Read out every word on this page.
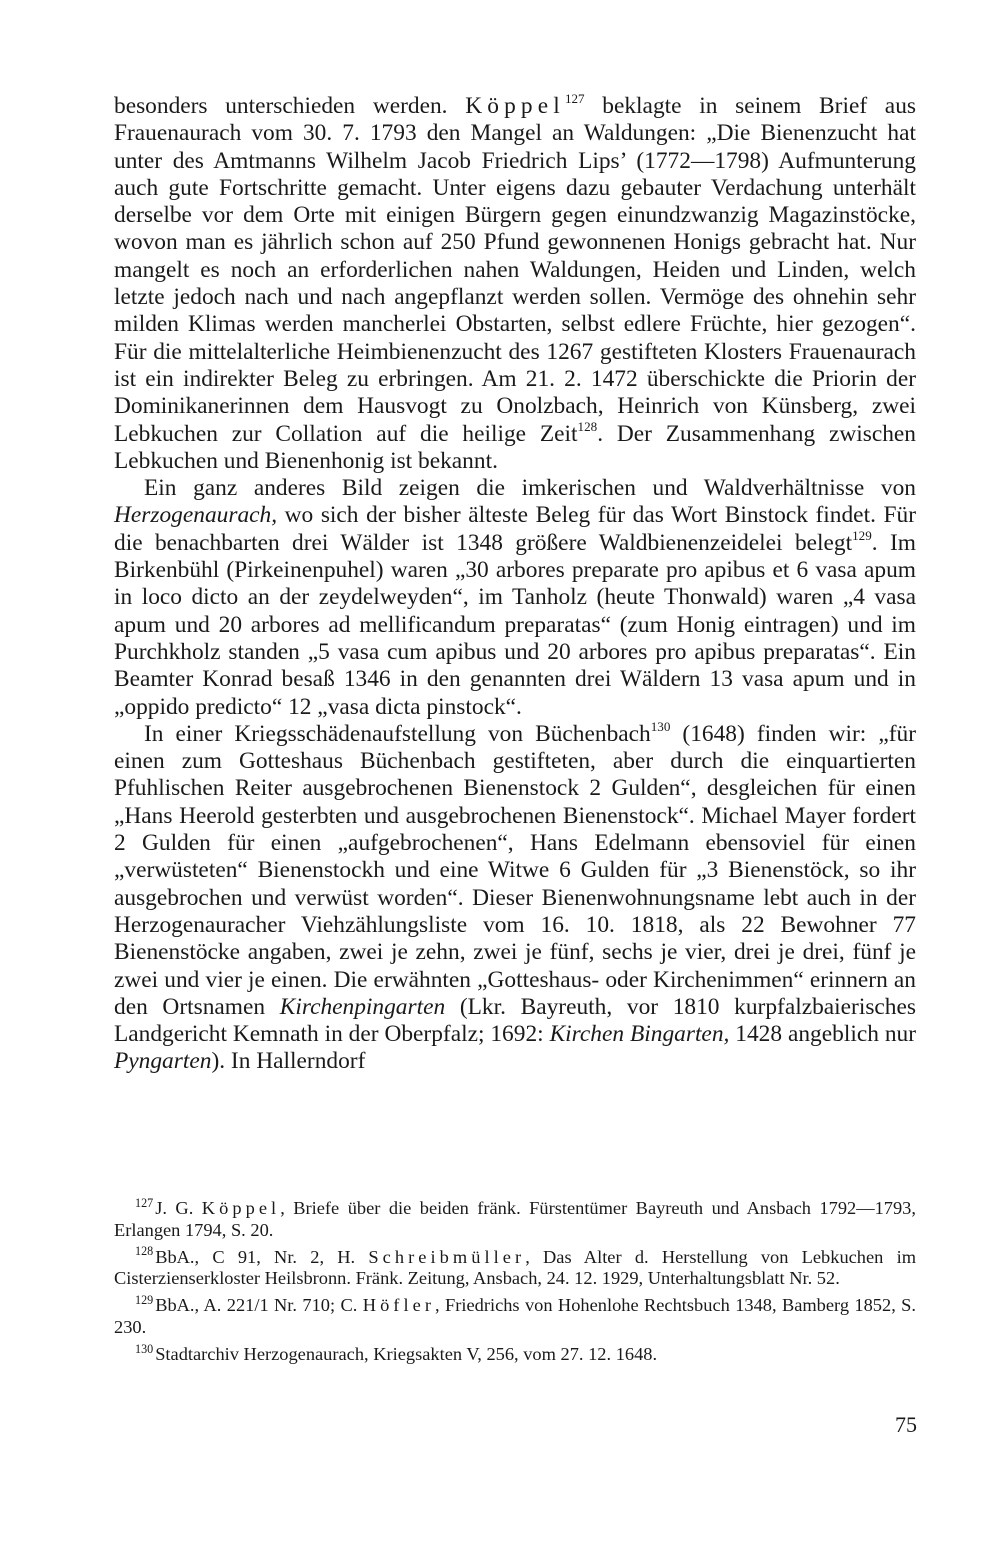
besonders unterschieden werden. Köppel$^{127}$ beklagte in seinem Brief aus Frauenaurach vom 30. 7. 1793 den Mangel an Waldungen: „Die Bienenzucht hat unter des Amtmanns Wilhelm Jacob Friedrich Lips’ (1772—1798) Aufmunterung auch gute Fortschritte gemacht. Unter eigens dazu gebauter Verdachung unterhält derselbe vor dem Orte mit einigen Bürgern gegen einundzwanzig Magazinstöcke, wovon man es jährlich schon auf 250 Pfund gewonnenen Honigs gebracht hat. Nur mangelt es noch an erforderlichen nahen Waldungen, Heiden und Linden, welch letzte jedoch nach und nach angepflanzt werden sollen. Vermöge des ohnehin sehr milden Klimas werden mancherlei Obstarten, selbst edlere Früchte, hier gezogen“. Für die mittelalterliche Heimbienenzucht des 1267 gestifteten Klosters Frauenaurach ist ein indirekter Beleg zu erbringen. Am 21. 2. 1472 überschickte die Priorin der Dominikanerinnen dem Hausvogt zu Onolzbach, Heinrich von Künsberg, zwei Lebkuchen zur Collation auf die heilige Zeit$^{128}$. Der Zusammenhang zwischen Lebkuchen und Bienenhonig ist bekannt.

Ein ganz anderes Bild zeigen die imkerischen und Waldverhältnisse von Herzogenaurach, wo sich der bisher älteste Beleg für das Wort Binstock findet. Für die benachbarten drei Wälder ist 1348 größere Waldbienenzeidelei belegt$^{129}$. Im Birkenbühl (Pirkeinenpuhel) waren „30 arbores preparate pro apibus et 6 vasa apum in loco dicto an der zeydelweyden“, im Tanholz (heute Thonwald) waren „4 vasa apum und 20 arbores ad mellificandum preparatas“ (zum Honig eintragen) und im Purchkholz standen „5 vasa cum apibus und 20 arbores pro apibus preparatas“. Ein Beamter Konrad besaß 1346 in den genannten drei Wäldern 13 vasa apum und in „oppido predicto“ 12 „vasa dicta pinstock“.

In einer Kriegsschädenaufstellung von Büchenbach$^{130}$ (1648) finden wir: „für einen zum Gotteshaus Büchenbach gestifteten, aber durch die einquartierten Pfuhlischen Reiter ausgebrochenen Bienenstock 2 Gulden“, desgleichen für einen „Hans Heerold gesterbten und ausgebrochenen Bienenstock“. Michael Mayer fordert 2 Gulden für einen „aufgebrochenen“, Hans Edelmann ebensoviel für einen „verwüsteten“ Bienenstockh und eine Witwe 6 Gulden für „3 Bienenstöck, so ihr ausgebrochen und verwüst worden“. Dieser Bienenwohnungsname lebt auch in der Herzogenauracher Viehzählungsliste vom 16. 10. 1818, als 22 Bewohner 77 Bienenstöcke angaben, zwei je zehn, zwei je fünf, sechs je vier, drei je drei, fünf je zwei und vier je einen. Die erwähnten „Gotteshaus- oder Kirchenimmen“ erinnern an den Ortsnamen Kirchenpingarten (Lkr. Bayreuth, vor 1810 kurpfalzbaierisches Landgericht Kemnath in der Oberpfalz; 1692: Kirchen Bingarten, 1428 angeblich nur Pyngarten). In Hallerndorf

$^{127}$ J. G. Köppel, Briefe über die beiden fränk. Fürstentümer Bayreuth und Ansbach 1792—1793, Erlangen 1794, S. 20.

$^{128}$ BbA., C 91, Nr. 2, H. Schreibmüller, Das Alter d. Herstellung von Lebkuchen im Cisterzienserkloster Heilsbronn. Fränk. Zeitung, Ansbach, 24. 12. 1929, Unterhaltungsblatt Nr. 52.

$^{129}$ BbA., A. 221/1 Nr. 710; C. Höfler, Friedrichs von Hohenlohe Rechtsbuch 1348, Bamberg 1852, S. 230.

$^{130}$ Stadtarchiv Herzogenaurach, Kriegsakten V, 256, vom 27. 12. 1648.

75
